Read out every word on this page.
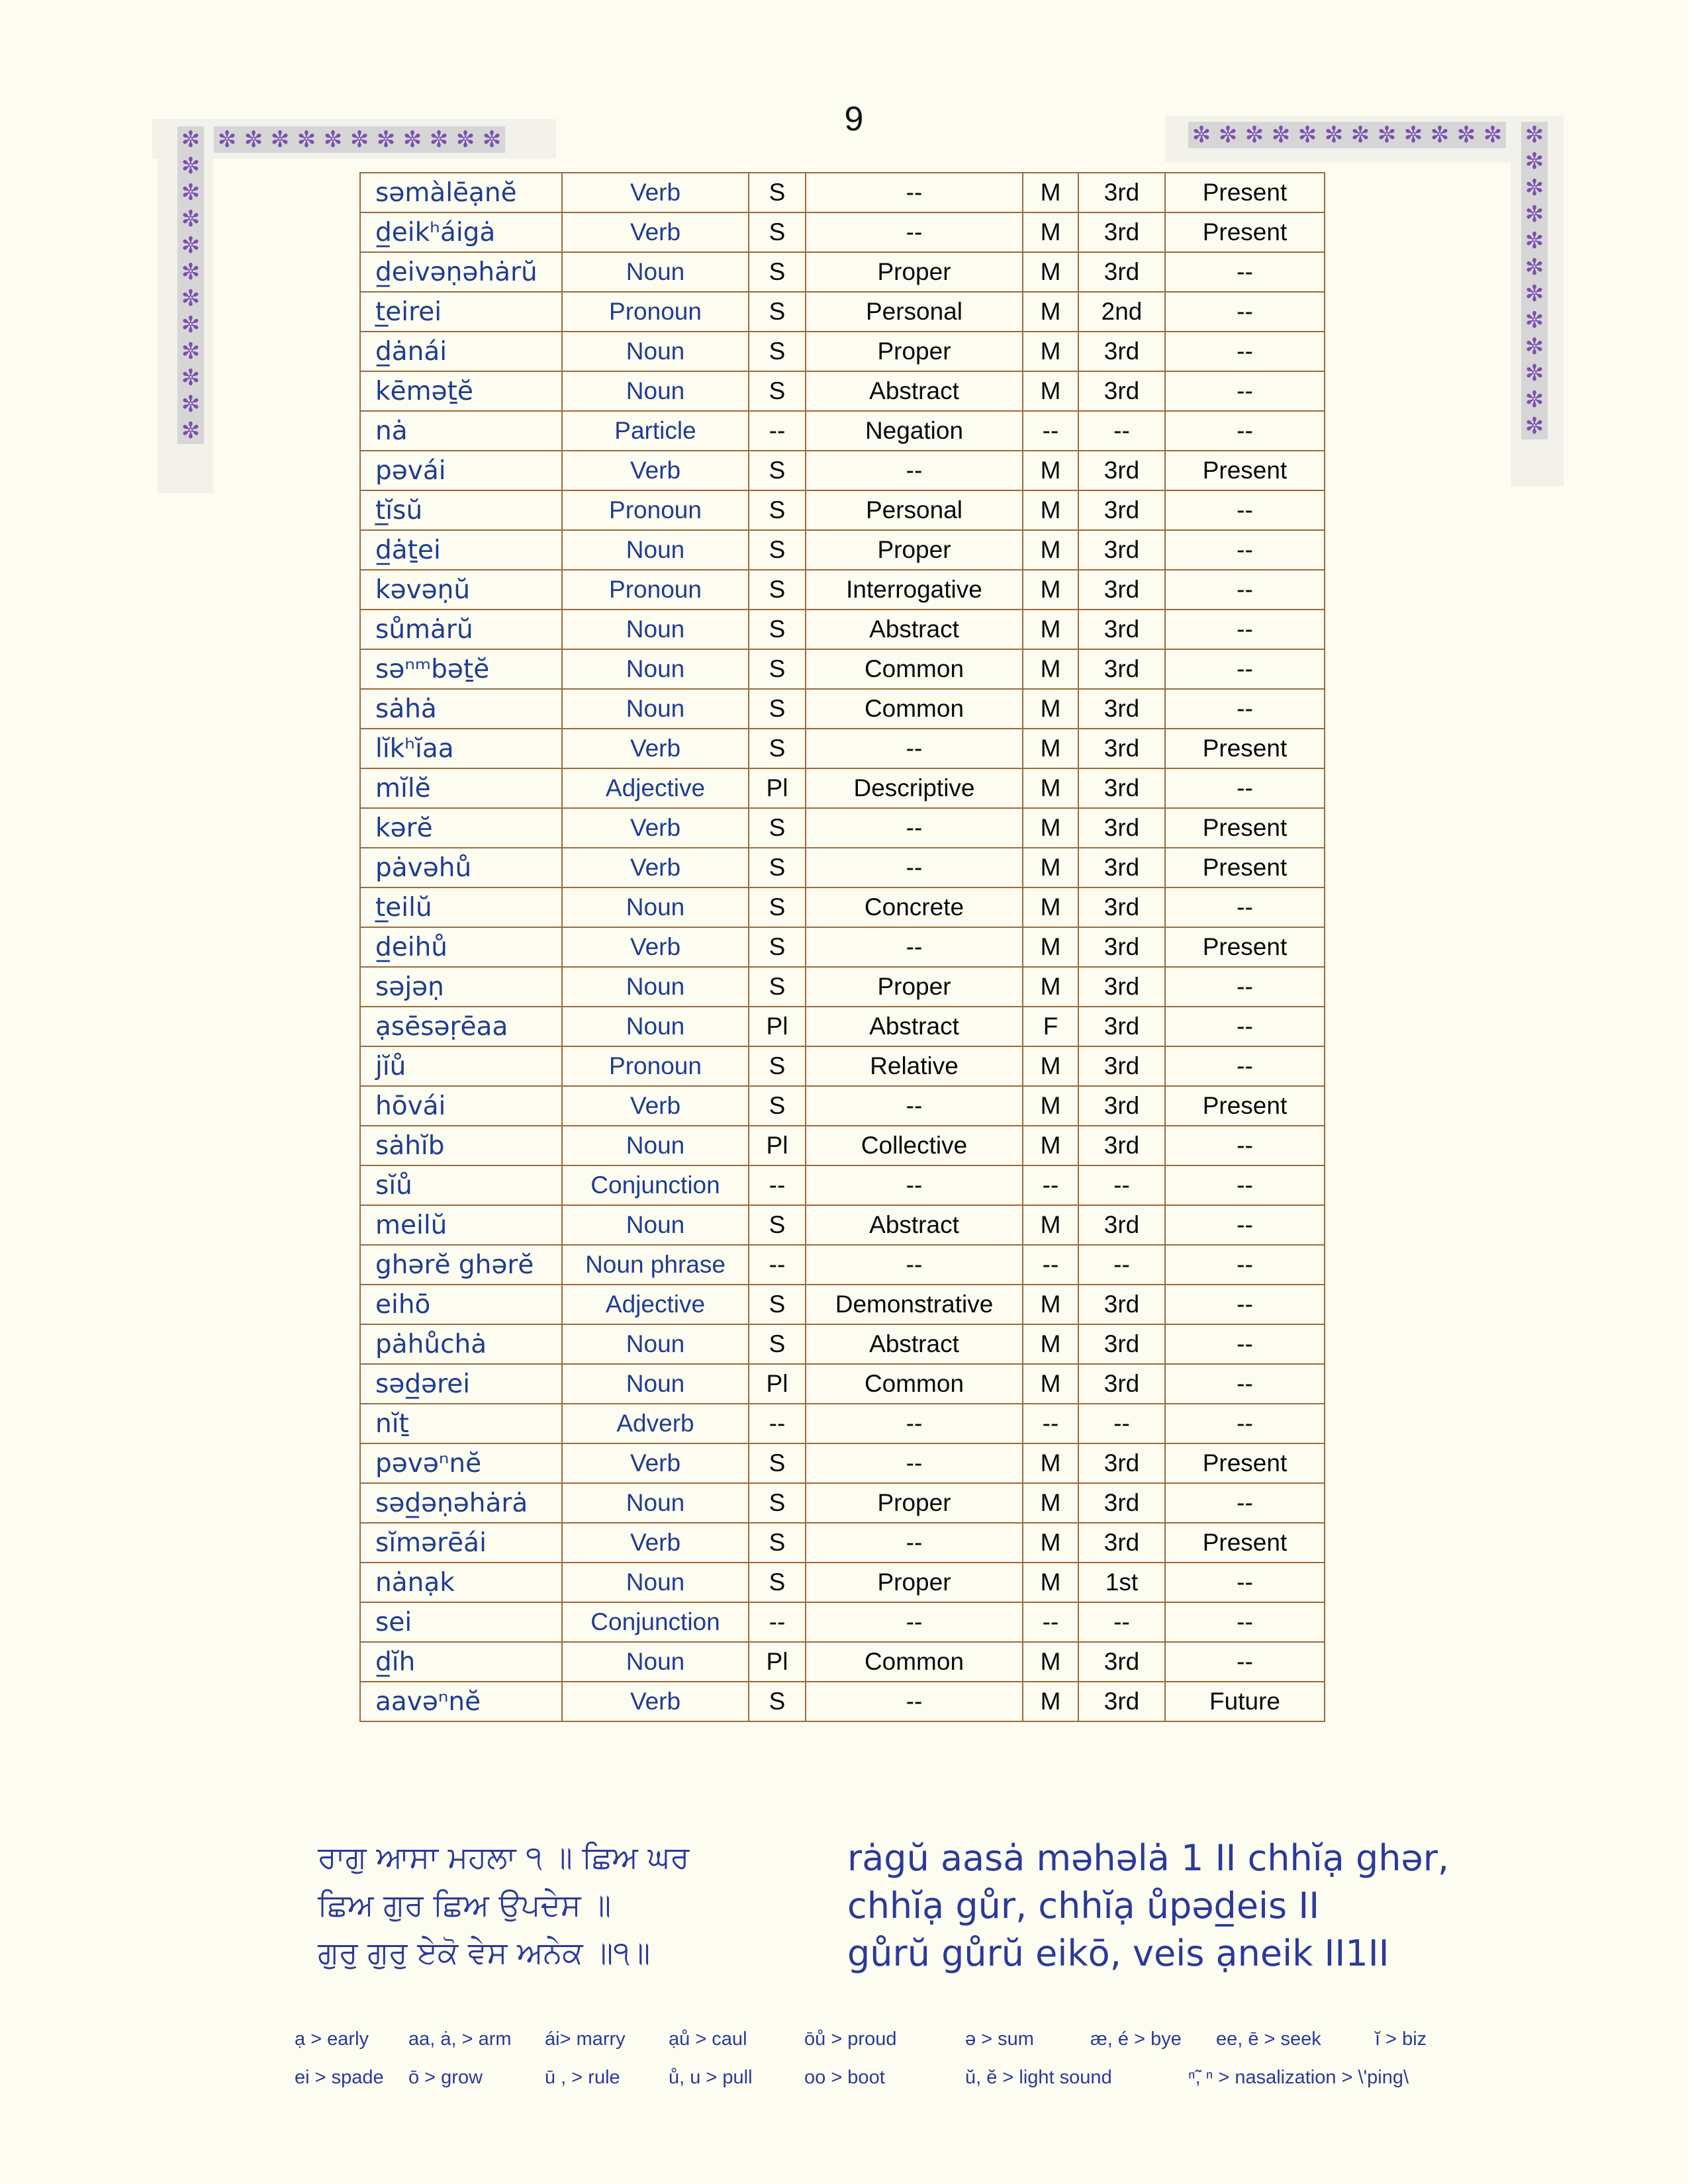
✼ ✼ ✼ ✼ ✼ ✼ ✼ ✼ ✼ ✼ ✼
✼
✼
✼
✼
✼
✼
✼
✼
✼
✼
✼
✼
✼ ✼ ✼ ✼ ✼ ✼ ✼ ✼ ✼ ✼ ✼ ✼ ✼
✼
✼
✼
✼
✼
✼
✼
✼
✼
✼
✼
9
səmàlēạnĕ	Verb	S	--	M	3rd	Present
d̲eikʰáigȧ	Verb	S	--	M	3rd	Present
d̲eivəṇəhȧrŭ	Noun	S	Proper	M	3rd	--
t̲eirei	Pronoun	S	Personal	M	2nd	--
d̲ȧnái	Noun	S	Proper	M	3rd	--
kēməṯĕ	Noun	S	Abstract	M	3rd	--
nȧ	Particle	--	Negation	--	--	--
pəvái	Verb	S	--	M	3rd	Present
t̲ĭsŭ	Pronoun	S	Personal	M	3rd	--
d̲ȧṯei	Noun	S	Proper	M	3rd	--
kəvəṇŭ	Pronoun	S	Interrogative	M	3rd	--
sůmȧrŭ	Noun	S	Abstract	M	3rd	--
səⁿᵐbəṯĕ	Noun	S	Common	M	3rd	--
sȧhȧ	Noun	S	Common	M	3rd	--
lĭkʰĭaa	Verb	S	--	M	3rd	Present
mĭlĕ	Adjective	Pl	Descriptive	M	3rd	--
kərĕ	Verb	S	--	M	3rd	Present
pȧvəhů	Verb	S	--	M	3rd	Present
t̲eilŭ	Noun	S	Concrete	M	3rd	--
d̲eihů	Verb	S	--	M	3rd	Present
səjəṇ	Noun	S	Proper	M	3rd	--
ạsēsəṛēaa	Noun	Pl	Abstract	F	3rd	--
jĭů	Pronoun	S	Relative	M	3rd	--
hōvái	Verb	S	--	M	3rd	Present
sȧhĭb	Noun	Pl	Collective	M	3rd	--
sĭů	Conjunction	--	--	--	--	--
meilŭ	Noun	S	Abstract	M	3rd	--
ghərĕ ghərĕ	Noun phrase	--	--	--	--	--
eihō	Adjective	S	Demonstrative	M	3rd	--
pȧhůchȧ	Noun	S	Abstract	M	3rd	--
səd̲ərei	Noun	Pl	Common	M	3rd	--
nĭṯ	Adverb	--	--	--	--	--
pəvəⁿnĕ	Verb	S	--	M	3rd	Present
səd̲əṇəhȧrȧ	Noun	S	Proper	M	3rd	--
sĭmərēái	Verb	S	--	M	3rd	Present
nȧnạk	Noun	S	Proper	M	1st	--
sei	Conjunction	--	--	--	--	--
d̲ĭh	Noun	Pl	Common	M	3rd	--
aavəⁿnĕ	Verb	S	--	M	3rd	Future
ਰਾਗੁ ਆਸਾ ਮਹਲਾ ੧ ॥ ਛਿਅ ਘਰ
ਛਿਅ ਗੁਰ ਛਿਅ ਉਪਦੇਸ ॥
ਗੁਰੁ ਗੁਰੁ ਏਕੋ ਵੇਸ ਅਨੇਕ ॥੧॥
rȧgŭ aasȧ məhəlȧ 1 II chhĭạ ghər,
chhĭạ gůr, chhĭạ ůpəd̲eis II
gůrŭ gůrŭ eikō, veis ạneik II1II
ạ > early aa, ȧ, > arm ái> marry ạů > caul	ōů > proud	ə > sum	æ, é > bye ee, ē > seek	ĭ > biz
ei > spade ō > grow	ū , > rule	ů, u > pull	oo > boot	ŭ, ĕ > light sound	ⁿ̃, ⁿ > nasalization > \'ping\
